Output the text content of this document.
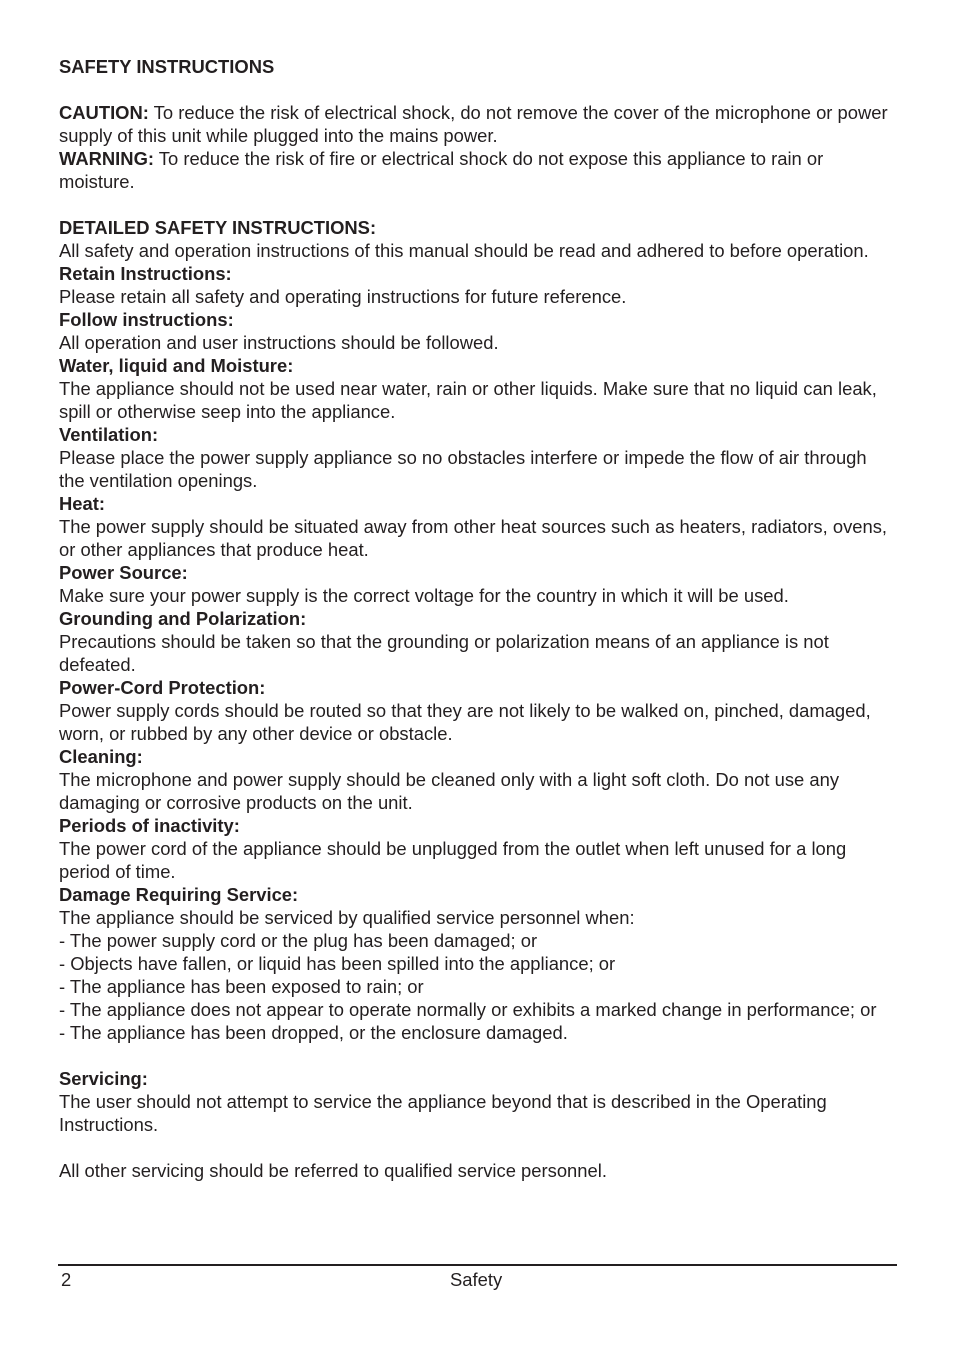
SAFETY INSTRUCTIONS

CAUTION: To reduce the risk of electrical shock, do not remove the cover of the microphone or power supply of this unit while plugged into the mains power.

WARNING: To reduce the risk of fire or electrical shock do not expose this appliance to rain or moisture.

DETAILED SAFETY INSTRUCTIONS:

All safety and operation instructions of this manual should be read and adhered to before operation.

Retain Instructions:

Please retain all safety and operating instructions for future reference.

Follow instructions:

All operation and user instructions should be followed.

Water, liquid and Moisture:

The appliance should not be used near water, rain or other liquids. Make sure that no liquid can leak, spill or otherwise seep into the appliance.

Ventilation:

Please place the power supply appliance so no obstacles interfere or impede the flow of air through the ventilation openings.

Heat:

The power supply should be situated away from other heat sources such as heaters, radiators, ovens, or other appliances that produce heat.

Power Source:

Make sure your power supply is the correct voltage for the country in which it will be used.

Grounding and Polarization:

Precautions should be taken so that the grounding or polarization means of an appliance is not defeated.

Power-Cord Protection:

Power supply cords should be routed so that they are not likely to be walked on, pinched, damaged, worn, or rubbed by any other device or obstacle.

Cleaning:

The microphone and power supply should be cleaned only with a light soft cloth. Do not use any damaging or corrosive products on the unit.

Periods of inactivity:

The power cord of the appliance should be unplugged from the outlet when left unused for a long period of time.

Damage Requiring Service:

The appliance should be serviced by qualified service personnel when:

- The power supply cord or the plug has been damaged; or

- Objects have fallen, or liquid has been spilled into the appliance; or

- The appliance has been exposed to rain; or

- The appliance does not appear to operate normally or exhibits a marked change in performance; or

- The appliance has been dropped, or the enclosure damaged.

Servicing:

The user should not attempt to service the appliance beyond that is described in the Operating Instructions.

All other servicing should be referred to qualified service personnel.

2	Safety
